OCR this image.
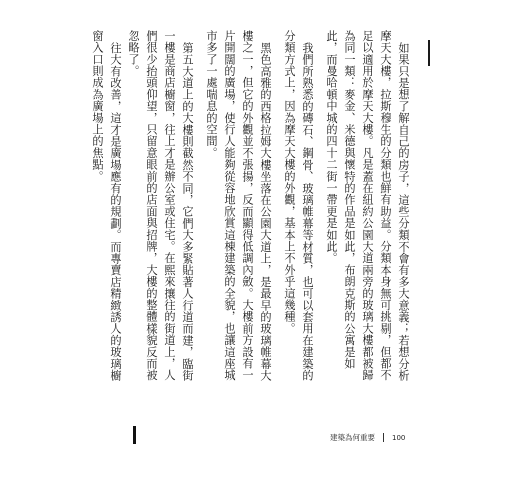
如果只是想了解自己的房子，這些分類不會有多大意義；若想分析摩天大樓，拉斯穆生的分類也鮮有助益。分類本身無可挑剔，但都不足以適用於摩天大樓。凡是蓋在紐約公園大道兩旁的玻璃大樓都被歸為同一類：麥金、米德與懷特的作品是如此，布朗克斯的公寓是如此，而曼哈頓中城的四十二街一帶更是如此。

我們所熟悉的磚石、鋼骨、玻璃帷幕等材質，也可以套用在建築的分類方式上，因為摩天大樓的外觀，基本上不外乎這幾種。

黑色高雅的西格拉姆大樓坐落在公園大道上，是最早的玻璃帷幕大樓之一，但它的外觀並不張揚，反而顯得低調內斂。大樓前方設有一片開闊的廣場，使行人能夠從容地欣賞這棟建築的全貌，也讓這座城市多了一處喘息的空間。

第五大道上的大樓則截然不同，它們大多緊貼著人行道而建，臨街一樓是商店櫥窗，往上才是辦公室或住宅。在熙來攘往的街道上，人們很少抬頭仰望，只留意眼前的店面與招牌，大樓的整體樣貌反而被忽略了。

往大有改善，這才是廣場應有的規劃。而專賣店精緻誘人的玻璃櫥窗入口則成為廣場上的焦點。

建築為何重要 100
